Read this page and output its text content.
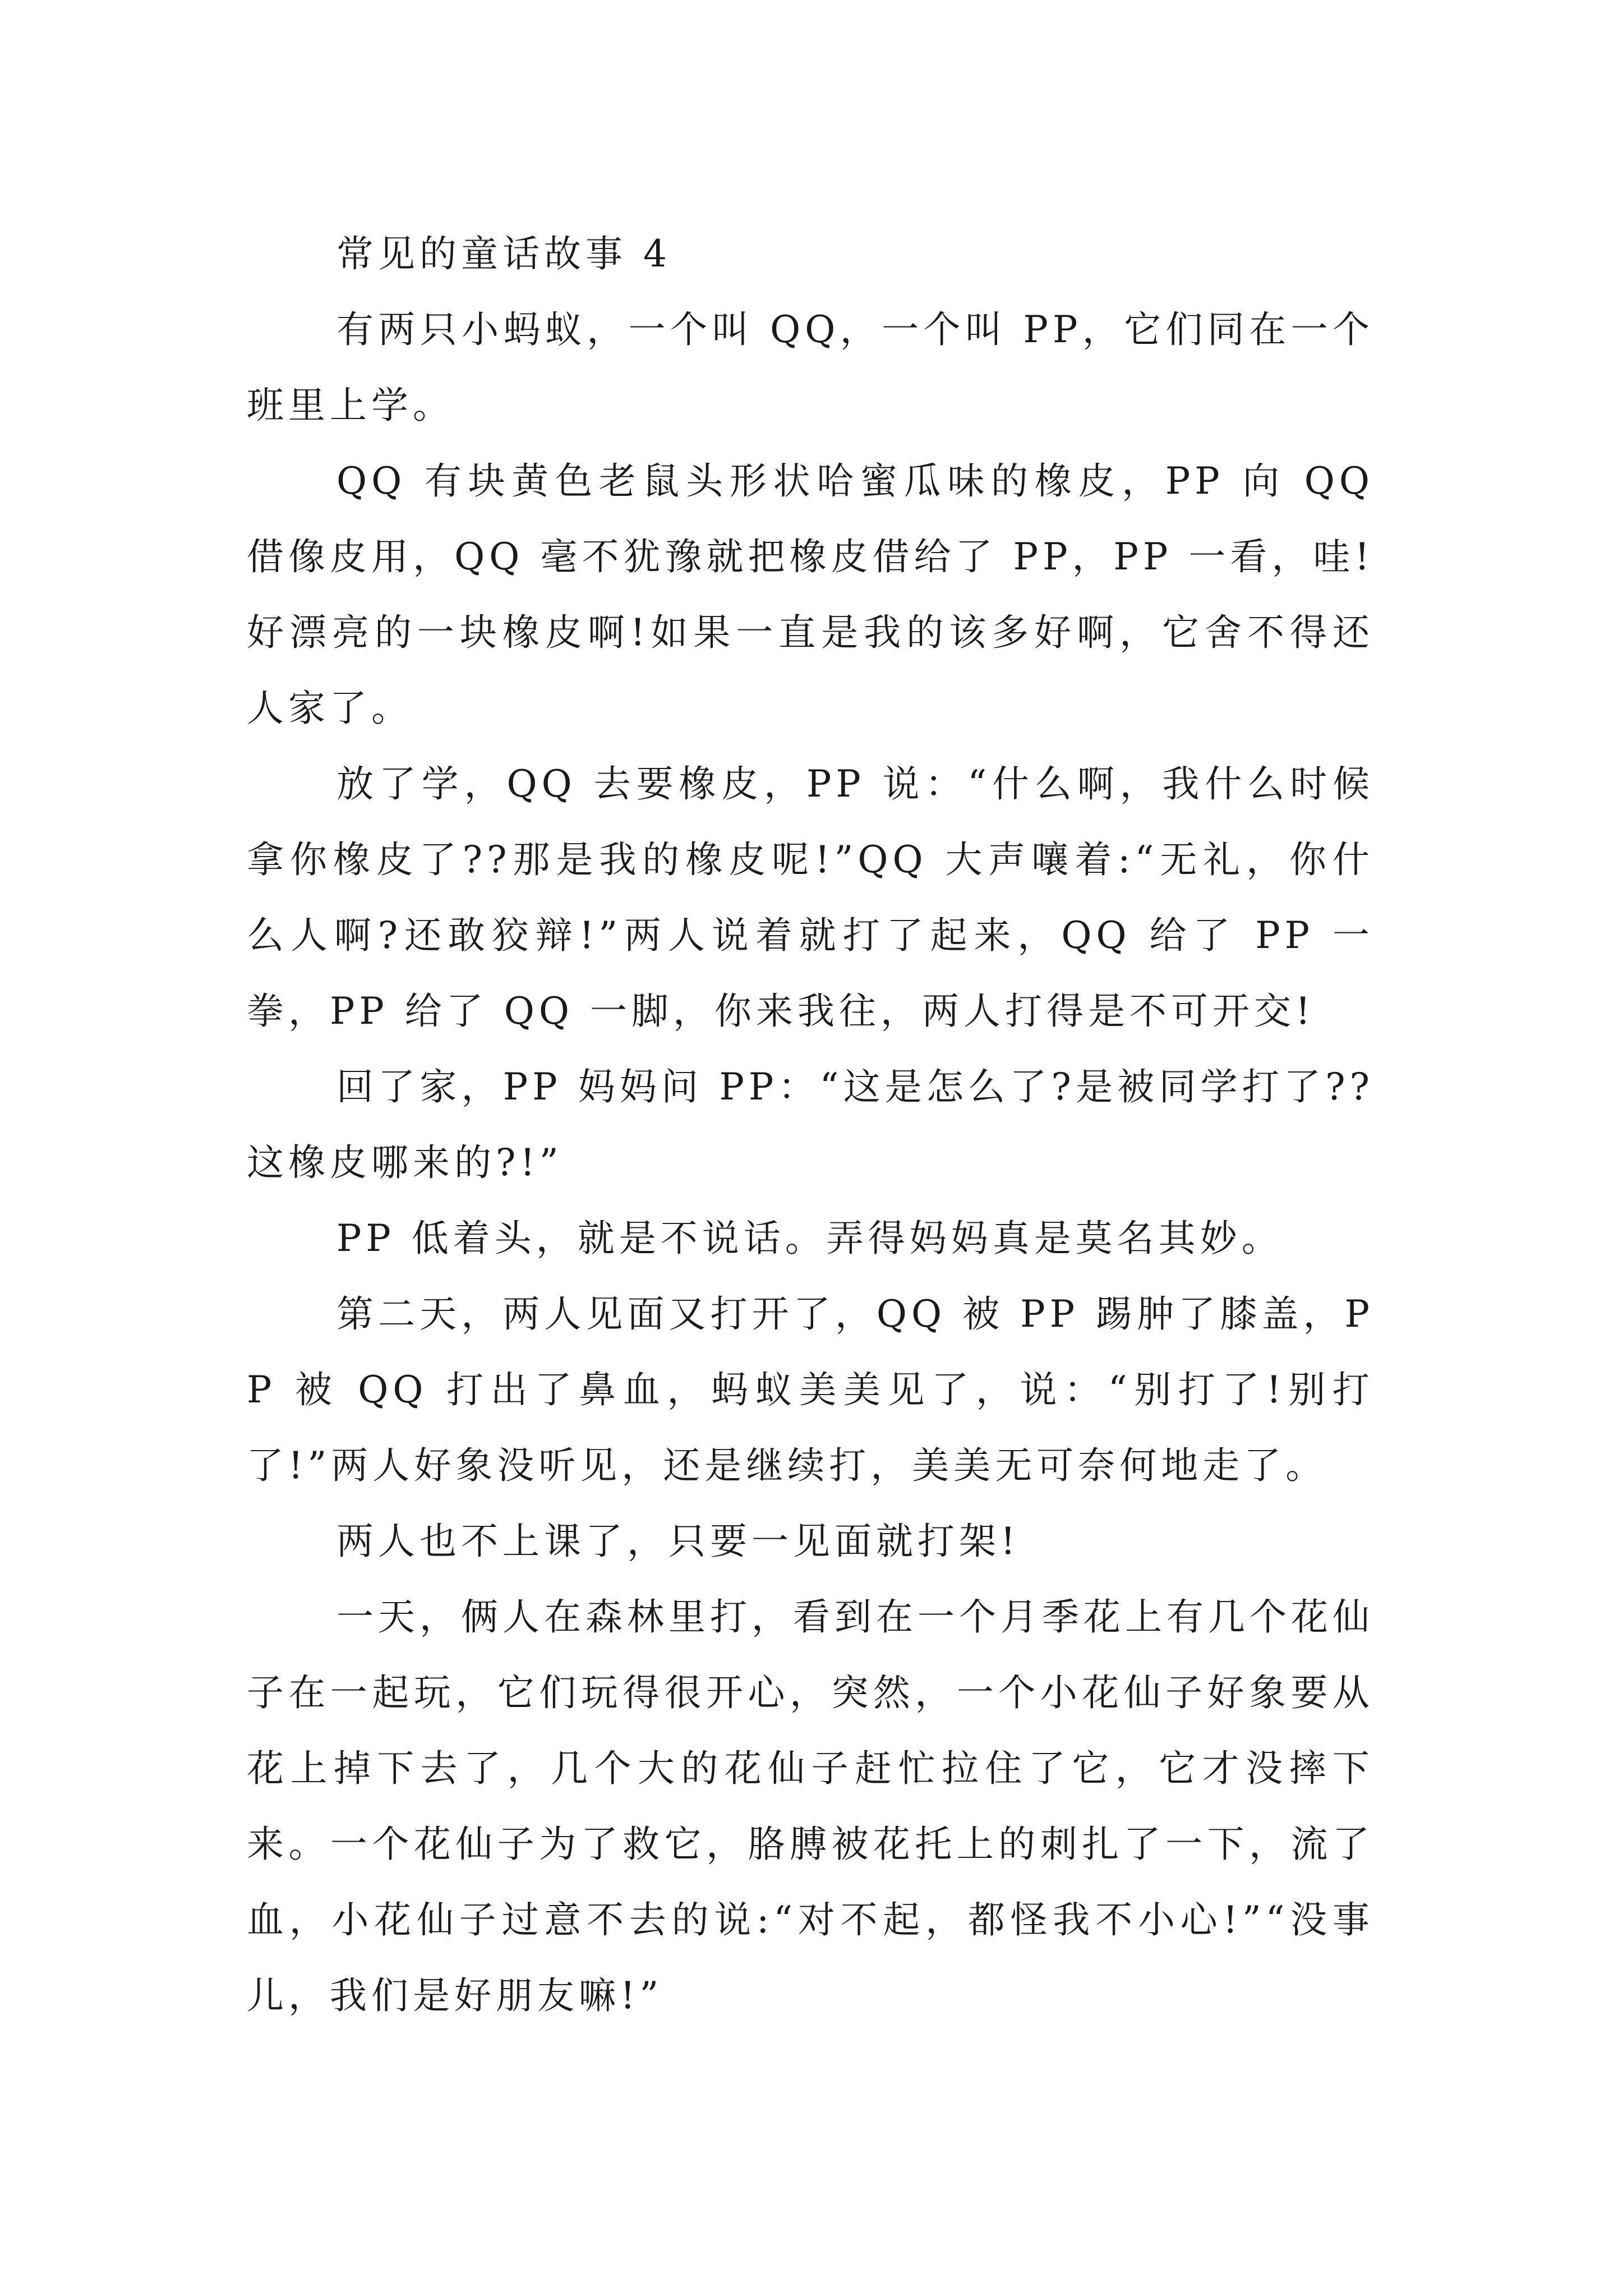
常见的童话故事 4

有两只小蚂蚁，一个叫 QQ，一个叫 PP，它们同在一个班里上学。

QQ 有块黄色老鼠头形状哈蜜瓜味的橡皮，PP 向 QQ 借像皮用，QQ 毫不犹豫就把橡皮借给了 PP，PP 一看，哇!好漂亮的一块橡皮啊!如果一直是我的该多好啊，它舍不得还人家了。

放了学，QQ 去要橡皮，PP 说：“什么啊，我什么时候拿你橡皮了??那是我的橡皮呢!”QQ 大声嚷着:“无礼，你什么人啊?还敢狡辩!”两人说着就打了起来，QQ 给了 PP 一拳，PP 给了 QQ 一脚，你来我往，两人打得是不可开交!

回了家，PP 妈妈问 PP：“这是怎么了?是被同学打了??这橡皮哪来的?!”

PP 低着头，就是不说话。弄得妈妈真是莫名其妙。

第二天，两人见面又打开了，QQ 被 PP 踢肿了膝盖，PP 被 QQ 打出了鼻血，蚂蚁美美见了，说：“别打了!别打了!”两人好象没听见，还是继续打，美美无可奈何地走了。

两人也不上课了，只要一见面就打架!

一天，俩人在森林里打，看到在一个月季花上有几个花仙子在一起玩，它们玩得很开心，突然，一个小花仙子好象要从花上掉下去了，几个大的花仙子赶忙拉住了它，它才没摔下来。一个花仙子为了救它，胳膊被花托上的刺扎了一下，流了血，小花仙子过意不去的说:“对不起，都怪我不小心!”“没事儿，我们是好朋友嘛!”
